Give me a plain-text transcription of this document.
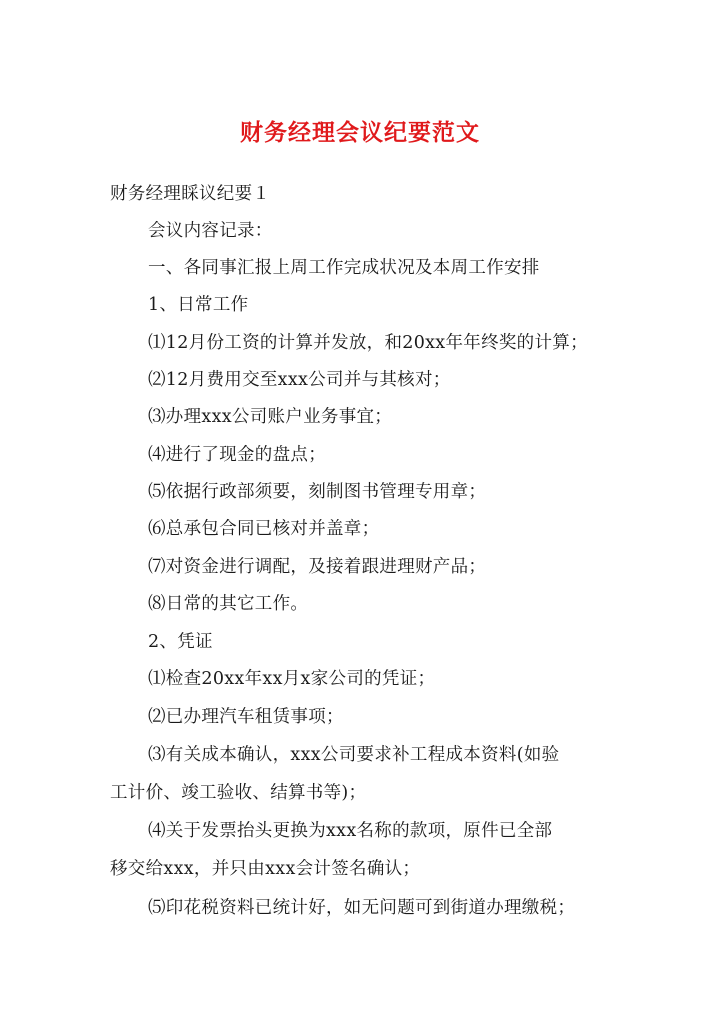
财务经理会议纪要范文
财务经理睬议纪要１
会议内容记录：
一、各同事汇报上周工作完成状况及本周工作安排
1、日常工作
⑴12月份工资的计算并发放，和20xx年年终奖的计算；
⑵12月费用交至xxx公司并与其核对；
⑶办理xxx公司账户业务事宜；
⑷进行了现金的盘点；
⑸依据行政部须要，刻制图书管理专用章；
⑹总承包合同已核对并盖章；
⑺对资金进行调配，及接着跟进理财产品；
⑻日常的其它工作。
2、凭证
⑴检查20xx年xx月x家公司的凭证；
⑵已办理汽车租赁事项；
⑶有关成本确认，xxx公司要求补工程成本资料(如验
工计价、竣工验收、结算书等)；
⑷关于发票抬头更换为xxx名称的款项，原件已全部
移交给xxx，并只由xxx会计签名确认；
⑸印花税资料已统计好，如无问题可到街道办理缴税；
